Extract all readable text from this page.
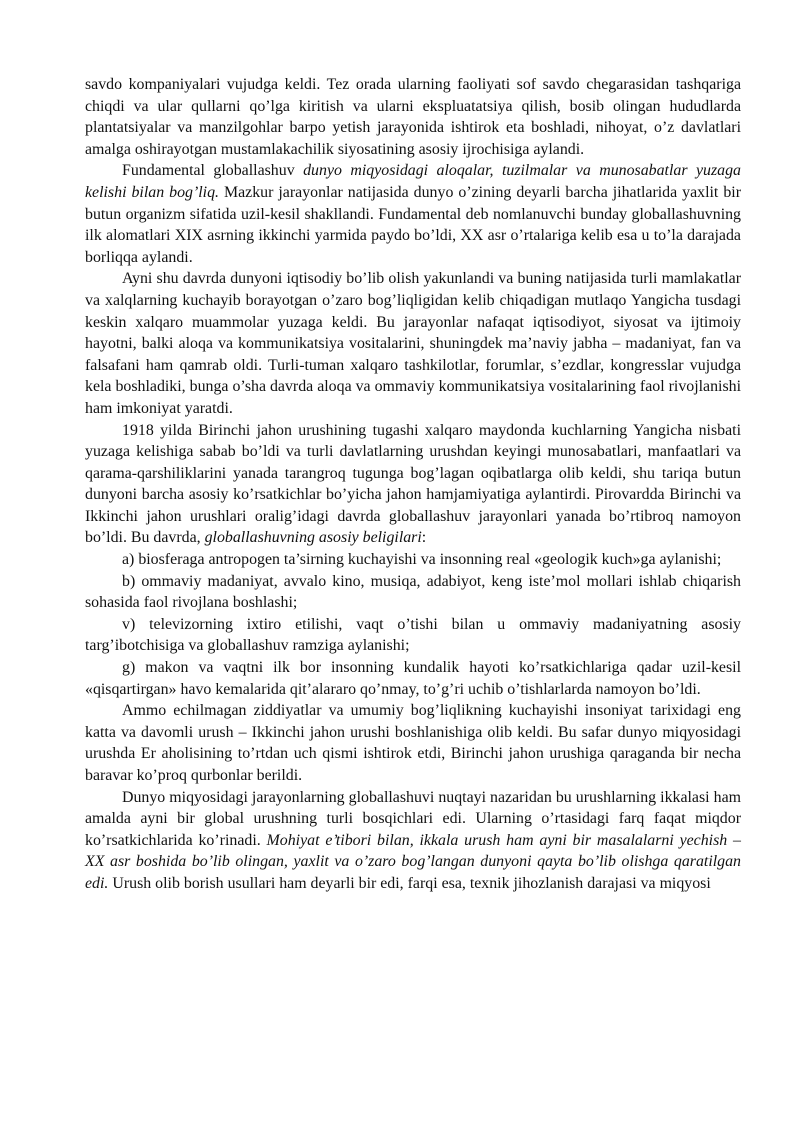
savdo kompaniyalari vujudga keldi. Tez orada ularning faoliyati sof savdo chegarasidan tashqariga chiqdi va ular qullarni qo’lga kiritish va ularni ekspluatatsiya qilish, bosib olingan hududlarda plantatsiyalar va manzilgohlar barpo yetish jarayonida ishtirok eta boshladi, nihoyat, o’z davlatlari amalga oshirayotgan mustamlakachilik siyosatining asosiy ijrochisiga aylandi.

Fundamental globallashuv dunyo miqyosidagi aloqalar, tuzilmalar va munosabatlar yuzaga kelishi bilan bog’liq. Mazkur jarayonlar natijasida dunyo o’zining deyarli barcha jihatlarida yaxlit bir butun organizm sifatida uzil-kesil shakllandi. Fundamental deb nomlanuvchi bunday globallashuvning ilk alomatlari XIX asrning ikkinchi yarmida paydo bo’ldi, XX asr o’rtalariga kelib esa u to’la darajada borliqqa aylandi.

Ayni shu davrda dunyoni iqtisodiy bo’lib olish yakunlandi va buning natijasida turli mamlakatlar va xalqlarning kuchayib borayotgan o’zaro bog’liqligidan kelib chiqadigan mutlaqo Yangicha tusdagi keskin xalqaro muammolar yuzaga keldi. Bu jarayonlar nafaqat iqtisodiyot, siyosat va ijtimoiy hayotni, balki aloqa va kommunikatsiya vositalarini, shuningdek ma’naviy jabha – madaniyat, fan va falsafani ham qamrab oldi. Turli-tuman xalqaro tashkilotlar, forumlar, s’ezdlar, kongresslar vujudga kela boshladiki, bunga o’sha davrda aloqa va ommaviy kommunikatsiya vositalarining faol rivojlanishi ham imkoniyat yaratdi.

1918 yilda Birinchi jahon urushining tugashi xalqaro maydonda kuchlarning Yangicha nisbati yuzaga kelishiga sabab bo’ldi va turli davlatlarning urushdan keyingi munosabatlari, manfaatlari va qarama-qarshiliklarini yanada tarangroq tugunga bog’lagan oqibatlarga olib keldi, shu tariqa butun dunyoni barcha asosiy ko’rsatkichlar bo’yicha jahon hamjamiyatiga aylantirdi. Pirovardda Birinchi va Ikkinchi jahon urushlari oralig’idagi davrda globallashuv jarayonlari yanada bo’rtibroq namoyon bo’ldi. Bu davrda, globallashuvning asosiy beligilari:

a) biosferaga antropogen ta’sirning kuchayishi va insonning real «geologik kuch»ga aylanishi;

b) ommaviy madaniyat, avvalo kino, musiqa, adabiyot, keng iste’mol mollari ishlab chiqarish sohasida faol rivojlana boshlashi;

v) televizorning ixtiro etilishi, vaqt o’tishi bilan u ommaviy madaniyatning asosiy targ’ibotchisiga va globallashuv ramziga aylanishi;

g) makon va vaqtni ilk bor insonning kundalik hayoti ko’rsatkichlariga qadar uzil-kesil «qisqartirgan» havo kemalarida qit’alararo qo’nmay, to’g’ri uchib o’tishlarlarda namoyon bo’ldi.

Ammo echilmagan ziddiyatlar va umumiy bog’liqlikning kuchayishi insoniyat tarixidagi eng katta va davomli urush – Ikkinchi jahon urushi boshlanishiga olib keldi. Bu safar dunyo miqyosidagi urushda Er aholisining to’rtdan uch qismi ishtirok etdi, Birinchi jahon urushiga qaraganda bir necha baravar ko’proq qurbonlar berildi.

Dunyo miqyosidagi jarayonlarning globallashuvi nuqtayi nazaridan bu urushlarning ikkalasi ham amalda ayni bir global urushning turli bosqichlari edi. Ularning o’rtasidagi farq faqat miqdor ko’rsatkichlarida ko’rinadi. Mohiyat e’tibori bilan, ikkala urush ham ayni bir masalalarni yechish – XX asr boshida bo’lib olingan, yaxlit va o’zaro bog’langan dunyoni qayta bo’lib olishga qaratilgan edi. Urush olib borish usullari ham deyarli bir edi, farqi esa, texnik jihozlanish darajasi va miqyosi
